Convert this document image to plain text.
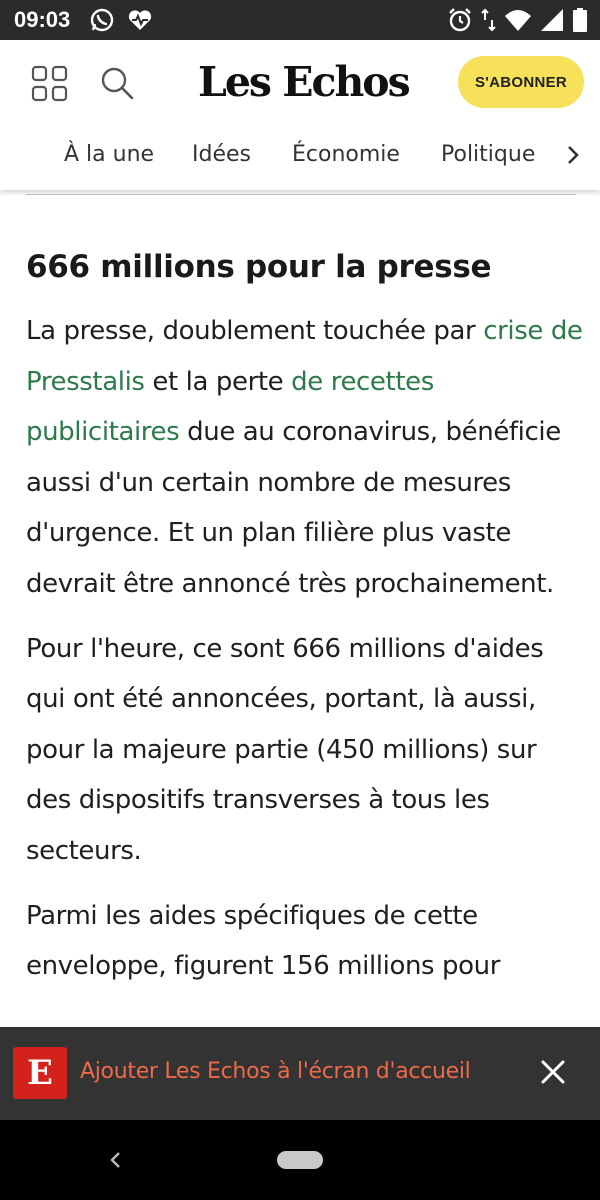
09:03
Les Echos	S'ABONNER
À la une Idées Économie Politique
666 millions pour la presse

La presse, doublement touchée par crise de Presstalis et la perte de recettes publicitaires due au coronavirus, bénéficie aussi d'un certain nombre de mesures d'urgence. Et un plan filière plus vaste devrait être annoncé très prochainement.

Pour l'heure, ce sont 666 millions d'aides qui ont été annoncées, portant, là aussi, pour la majeure partie (450 millions) sur des dispositifs transverses à tous les secteurs.

Parmi les aides spécifiques de cette enveloppe, figurent 156 millions pour

E	Ajouter Les Echos à l'écran d'accueil
